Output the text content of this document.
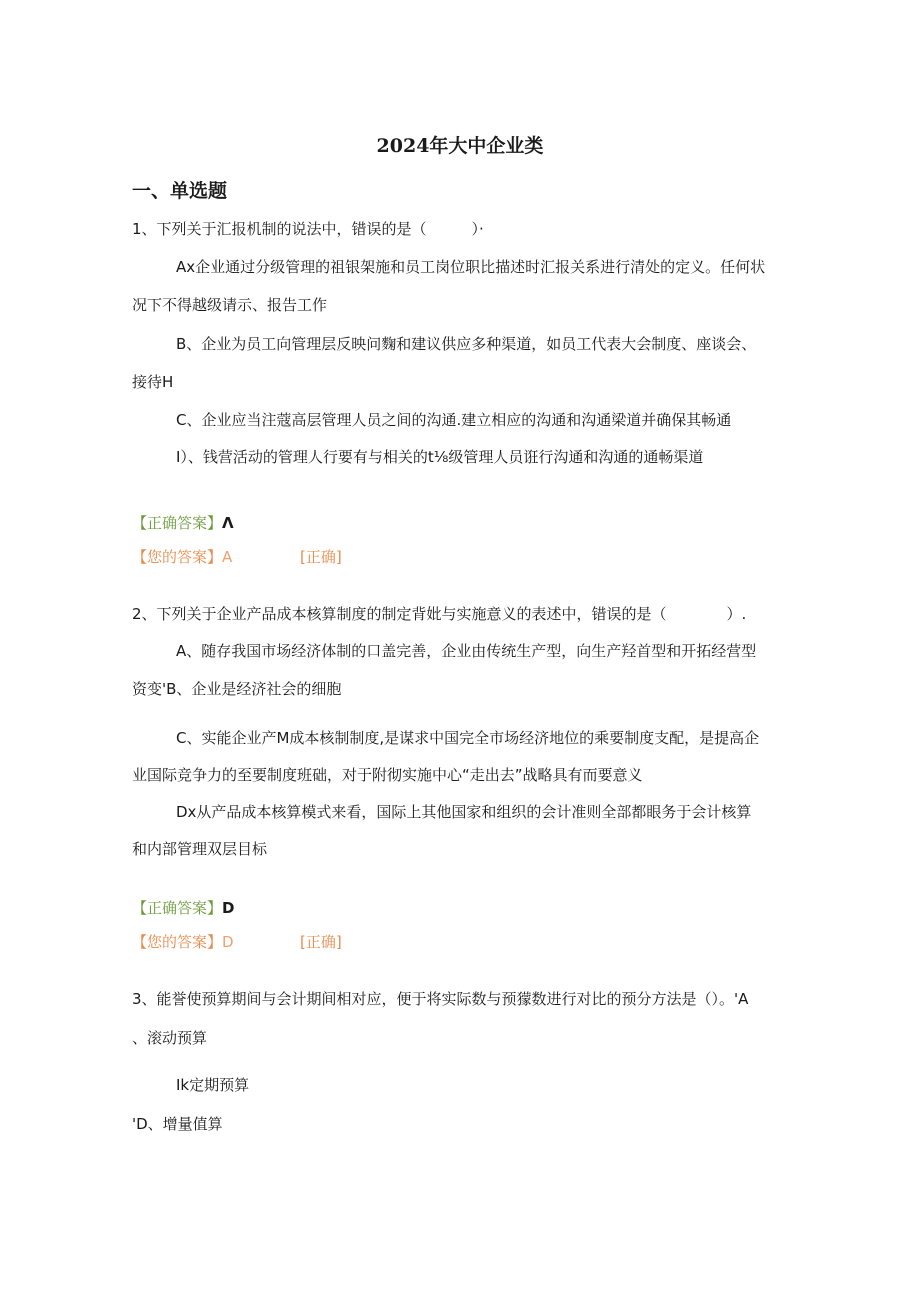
2024年大中企业类
一、单选题
1、下列关于汇报机制的说法中，错误的是（　　　）·
Ax企业通过分级管理的祖银架施和员工岗位职比描述时汇报关系进行清处的定义。任何状
况下不得越级请示、报告工作
B、企业为员工向管理层反映问麴和建议供应多种渠道，如员工代表大会制度、座谈会、
接待H
C、企业应当注蔻高层管理人员之间的沟通.建立相应的沟通和沟通梁道并确保其畅通
I）、钱营活动的管理人行要有与相关的t⅛级管理人员诳行沟通和沟通的通畅渠道
【正确答案】Λ
【您的答案】A	[正确]
2、下列关于企业产品成本核算制度的制定背妣与实施意义的表述中，错误的是（　　　　）.
A、随存我国市场经济体制的口盖完善，企业由传统生产型，向生产羟首型和开拓经营型
资变'B、企业是经济社会的细胞
C、实能企业产M成本核制制度,是谋求中国完全市场经济地位的乘要制度支配，是提高企
业国际竞争力的至要制度班础，对于附彻实施中心“走出去”战略具有而要意义
Dx从产品成本核算模式来看，国际上其他国家和组织的会计准则全部都眼务于会计核算
和内部管理双层目标
【正确答案】D
【您的答案】D	[正确]
3、能誉使预算期间与会计期间相对应，便于将实际数与预獴数进行对比的预分方法是（）。'A
、滚动预算
Ik定期预算
'D、增量值算
